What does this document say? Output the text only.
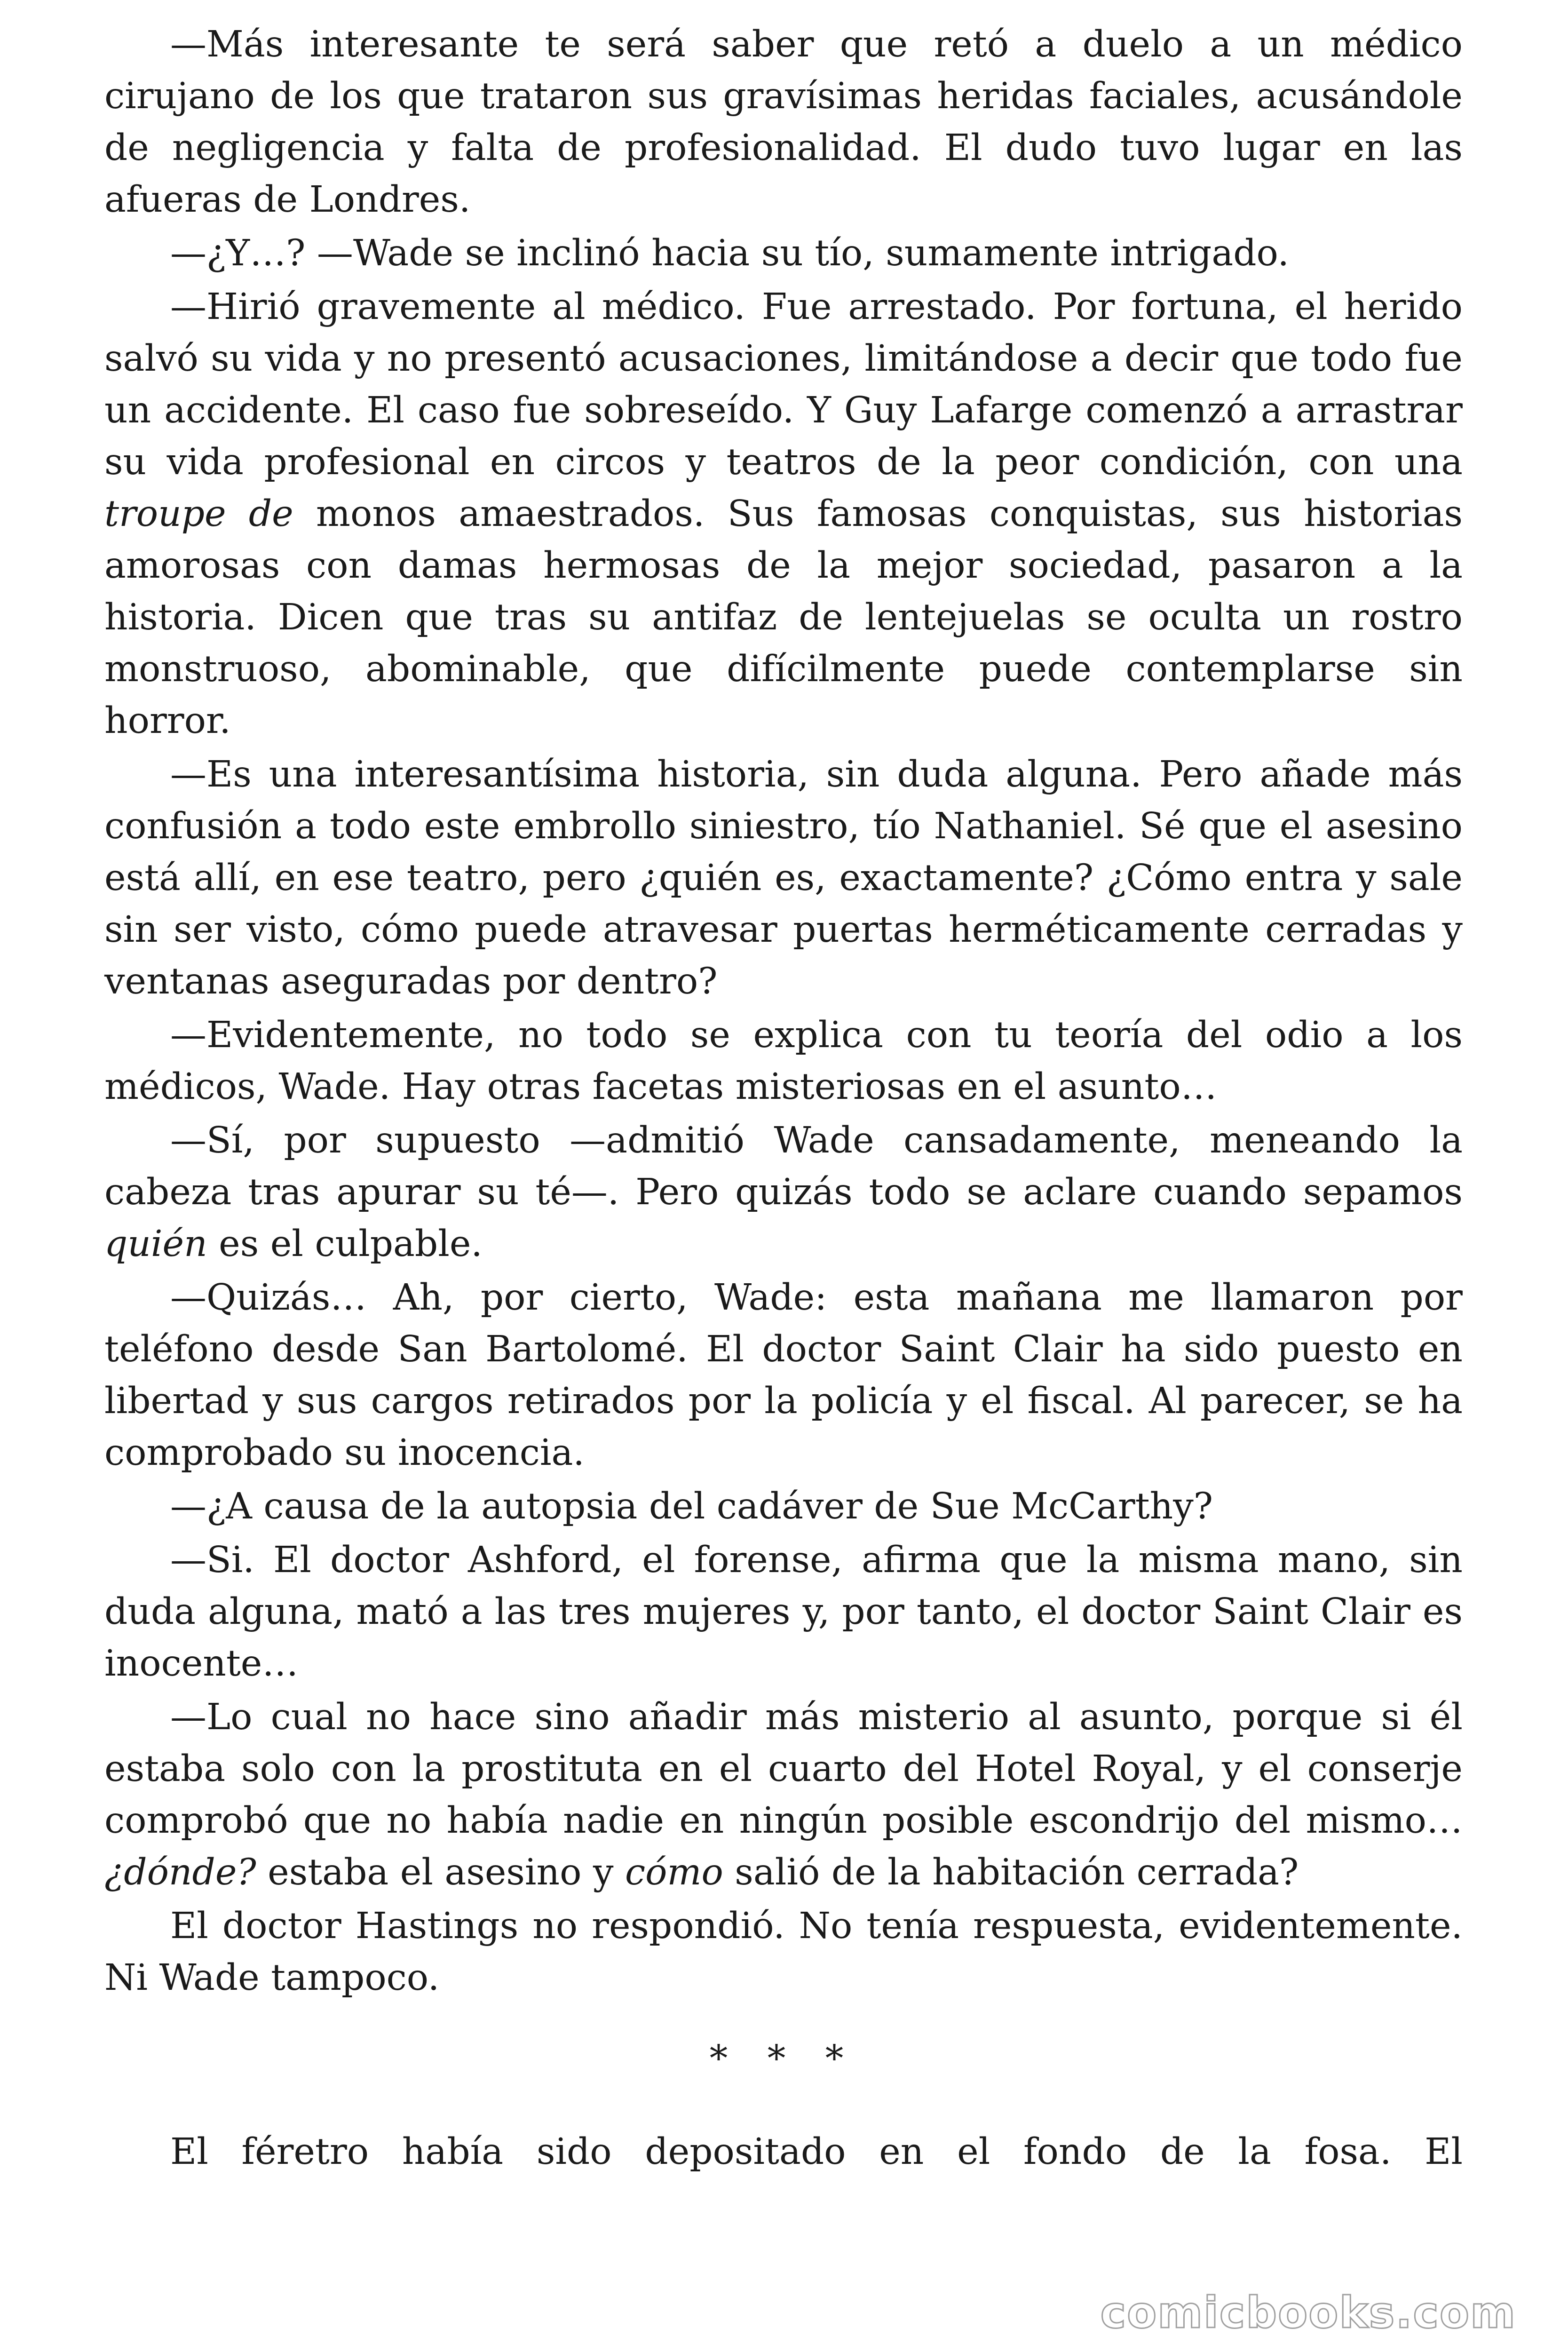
—Más interesante te será saber que retó a duelo a un médico cirujano de los que trataron sus gravísimas heridas faciales, acusándole de negligencia y falta de profesionalidad. El dudo tuvo lugar en las afueras de Londres.

—¿Y…? —Wade se inclinó hacia su tío, sumamente intrigado.

—Hirió gravemente al médico. Fue arrestado. Por fortuna, el herido salvó su vida y no presentó acusaciones, limitándose a decir que todo fue un accidente. El caso fue sobreseído. Y Guy Lafarge comenzó a arrastrar su vida profesional en circos y teatros de la peor condición, con una troupe de monos amaestrados. Sus famosas conquistas, sus historias amorosas con damas hermosas de la mejor sociedad, pasaron a la historia. Dicen que tras su antifaz de lentejuelas se oculta un rostro monstruoso, abominable, que difícilmente puede contemplarse sin horror.

—Es una interesantísima historia, sin duda alguna. Pero añade más confusión a todo este embrollo siniestro, tío Nathaniel. Sé que el asesino está allí, en ese teatro, pero ¿quién es, exactamente? ¿Cómo entra y sale sin ser visto, cómo puede atravesar puertas herméticamente cerradas y ventanas aseguradas por dentro?

—Evidentemente, no todo se explica con tu teoría del odio a los médicos, Wade. Hay otras facetas misteriosas en el asunto…

—Sí, por supuesto —admitió Wade cansadamente, meneando la cabeza tras apurar su té—. Pero quizás todo se aclare cuando sepamos quién es el culpable.

—Quizás… Ah, por cierto, Wade: esta mañana me llamaron por teléfono desde San Bartolomé. El doctor Saint Clair ha sido puesto en libertad y sus cargos retirados por la policía y el fiscal. Al parecer, se ha comprobado su inocencia.

—¿A causa de la autopsia del cadáver de Sue McCarthy?

—Si. El doctor Ashford, el forense, afirma que la misma mano, sin duda alguna, mató a las tres mujeres y, por tanto, el doctor Saint Clair es inocente…

—Lo cual no hace sino añadir más misterio al asunto, porque si él estaba solo con la prostituta en el cuarto del Hotel Royal, y el conserje comprobó que no había nadie en ningún posible escondrijo del mismo… ¿dónde? estaba el asesino y cómo salió de la habitación cerrada?

El doctor Hastings no respondió. No tenía respuesta, evidentemente. Ni Wade tampoco.

* * *

El féretro había sido depositado en el fondo de la fosa. El

comicbooks.com
